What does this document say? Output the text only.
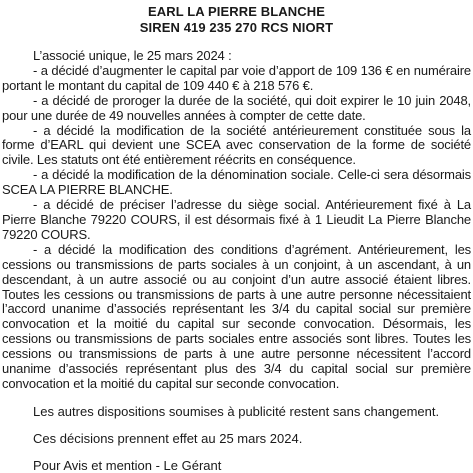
EARL LA PIERRE BLANCHE
SIREN 419 235 270 RCS NIORT

L’associé unique, le 25 mars 2024 :

- a décidé d’augmenter le capital par voie d’apport de 109 136 € en numéraire portant le montant du capital de 109 440 € à 218 576 €.

- a décidé de proroger la durée de la société, qui doit expirer le 10 juin 2048, pour une durée de 49 nouvelles années à compter de cette date.

- a décidé la modification de la société antérieurement constituée sous la forme d’EARL qui devient une SCEA avec conservation de la forme de société civile. Les statuts ont été entièrement réécrits en conséquence.

- a décidé la modification de la dénomination sociale. Celle-ci sera désormais SCEA LA PIERRE BLANCHE.

- a décidé de préciser l’adresse du siège social. Antérieurement fixé à La Pierre Blanche 79220 COURS, il est désormais fixé à 1 Lieudit La Pierre Blanche 79220 COURS.

- a décidé la modification des conditions d’agrément. Antérieurement, les cessions ou transmissions de parts sociales à un conjoint, à un ascendant, à un descendant, à un autre associé ou au conjoint d’un autre associé étaient libres. Toutes les cessions ou transmissions de parts à une autre personne nécessitaient l’accord unanime d’associés représentant les 3/4 du capital social sur première convocation et la moitié du capital sur seconde convocation. Désormais, les cessions ou transmissions de parts sociales entre associés sont libres. Toutes les cessions ou transmissions de parts à une autre personne nécessitent l’accord unanime d’associés représentant plus des 3/4 du capital social sur première convocation et la moitié du capital sur seconde convocation.

Les autres dispositions soumises à publicité restent sans changement.

Ces décisions prennent effet au 25 mars 2024.

Pour Avis et mention - Le Gérant
